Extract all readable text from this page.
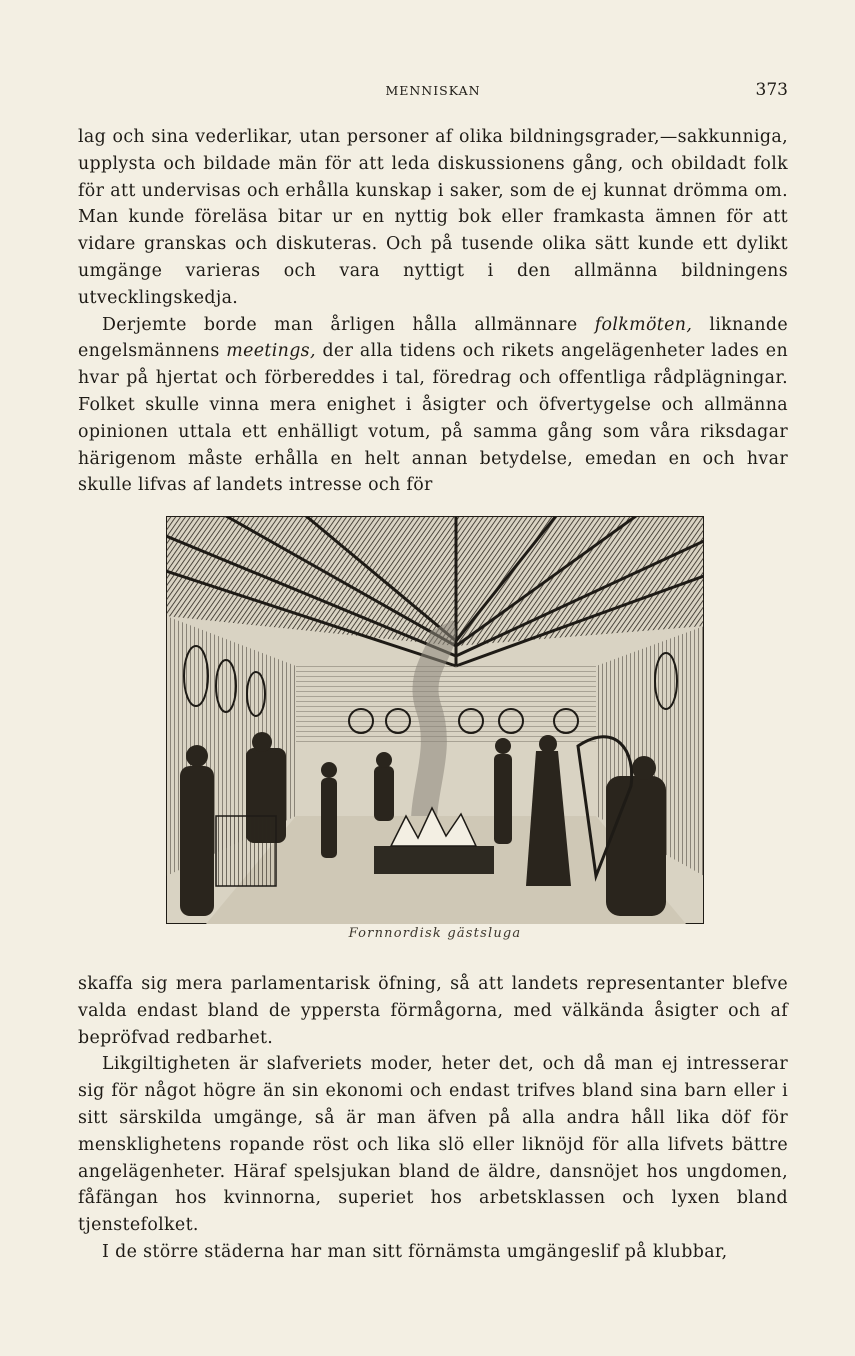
MENNISKAN	373

lag och sina vederlikar, utan personer af olika bildningsgrader,—sakkunniga, upplysta och bildade män för att leda diskussionens gång, och obildadt folk för att undervisas och erhålla kunskap i saker, som de ej kunnat drömma om. Man kunde föreläsa bitar ur en nyttig bok eller framkasta ämnen för att vidare granskas och diskuteras. Och på tusende olika sätt kunde ett dylikt umgänge varieras och vara nyttigt i den allmänna bildningens utvecklingskedja.

Derjemte borde man årligen hålla allmännare folkmöten, liknande engelsmännens meetings, der alla tidens och rikets angelägenheter lades en hvar på hjertat och förbereddes i tal, föredrag och offentliga rådplägningar. Folket skulle vinna mera enighet i åsigter och öfvertygelse och allmänna opinionen uttala ett enhälligt votum, på samma gång som våra riksdagar härigenom måste erhålla en helt annan betydelse, emedan en och hvar skulle lifvas af landets intresse och för

Fornnordisk gästsluga

skaffa sig mera parlamentarisk öfning, så att landets representanter blefve valda endast bland de yppersta förmågorna, med välkända åsigter och af bepröfvad redbarhet.

Likgiltigheten är slafveriets moder, heter det, och då man ej intresserar sig för något högre än sin ekonomi och endast trifves bland sina barn eller i sitt särskilda umgänge, så är man äfven på alla andra håll lika döf för mensklighetens ropande röst och lika slö eller liknöjd för alla lifvets bättre angelägenheter. Häraf spelsjukan bland de äldre, dansnöjet hos ungdomen, fåfängan hos kvinnorna, superiet hos arbetsklassen och lyxen bland tjenstefolket.

I de större städerna har man sitt förnämsta umgängeslif på klubbar,
